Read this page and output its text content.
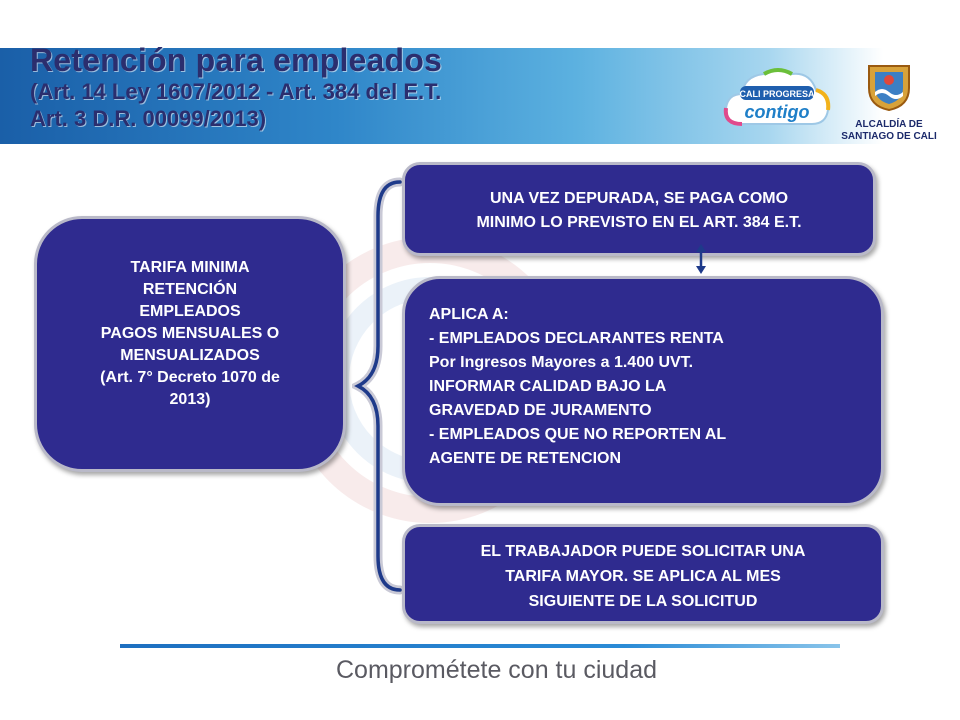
Retención para empleados
(Art. 14 Ley 1607/2012 - Art. 384 del E.T.
Art. 3 D.R. 00099/2013)
CALI PROGRESA
contigo
ALCALDÍA DE
SANTIAGO DE CALI
TARIFA MINIMA
RETENCIÓN
EMPLEADOS
PAGOS MENSUALES O
MENSUALIZADOS
(Art. 7° Decreto 1070 de
2013)
UNA VEZ DEPURADA, SE PAGA COMO
MINIMO LO PREVISTO EN EL ART. 384 E.T.
APLICA A:
- EMPLEADOS DECLARANTES RENTA
Por Ingresos Mayores a 1.400 UVT.
INFORMAR CALIDAD BAJO LA
GRAVEDAD DE JURAMENTO
- EMPLEADOS QUE NO REPORTEN AL
AGENTE DE RETENCION
EL TRABAJADOR PUEDE SOLICITAR UNA
TARIFA MAYOR. SE APLICA AL MES
SIGUIENTE DE LA SOLICITUD
Comprométete con tu ciudad
